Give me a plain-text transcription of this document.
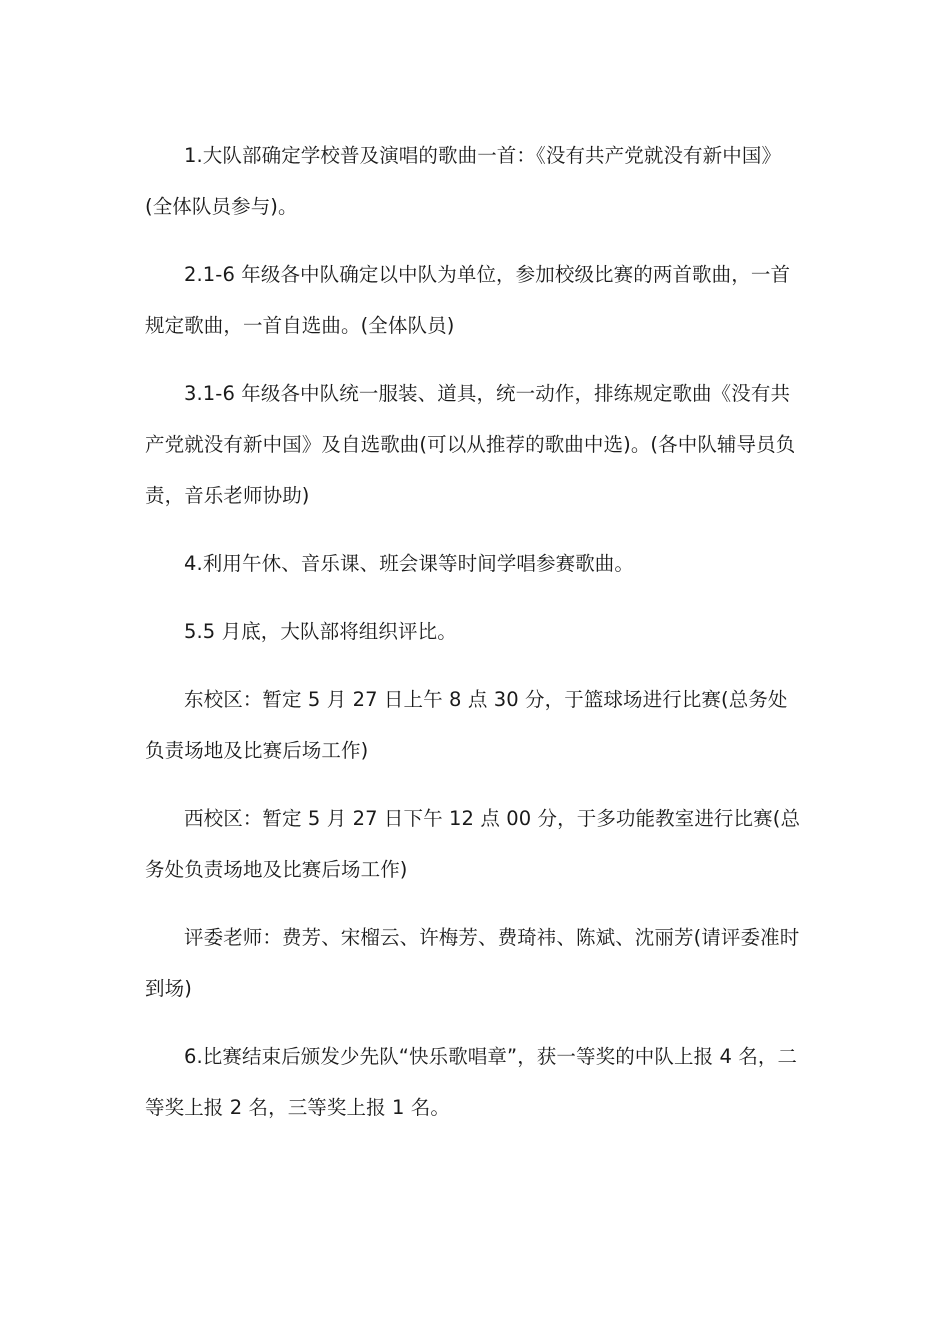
1.大队部确定学校普及演唱的歌曲一首：《没有共产党就没有新中国》(全体队员参与)。

2.1-6 年级各中队确定以中队为单位，参加校级比赛的两首歌曲，一首规定歌曲，一首自选曲。(全体队员)

3.1-6 年级各中队统一服装、道具，统一动作，排练规定歌曲《没有共产党就没有新中国》及自选歌曲(可以从推荐的歌曲中选)。(各中队辅导员负责，音乐老师协助)

4.利用午休、音乐课、班会课等时间学唱参赛歌曲。

5.5 月底，大队部将组织评比。

东校区：暂定 5 月 27 日上午 8 点 30 分，于篮球场进行比赛(总务处负责场地及比赛后场工作)

西校区：暂定 5 月 27 日下午 12 点 00 分，于多功能教室进行比赛(总务处负责场地及比赛后场工作)

评委老师：费芳、宋榴云、许梅芳、费琦祎、陈斌、沈丽芳(请评委准时到场)

6.比赛结束后颁发少先队“快乐歌唱章”，获一等奖的中队上报 4 名，二等奖上报 2 名，三等奖上报 1 名。
